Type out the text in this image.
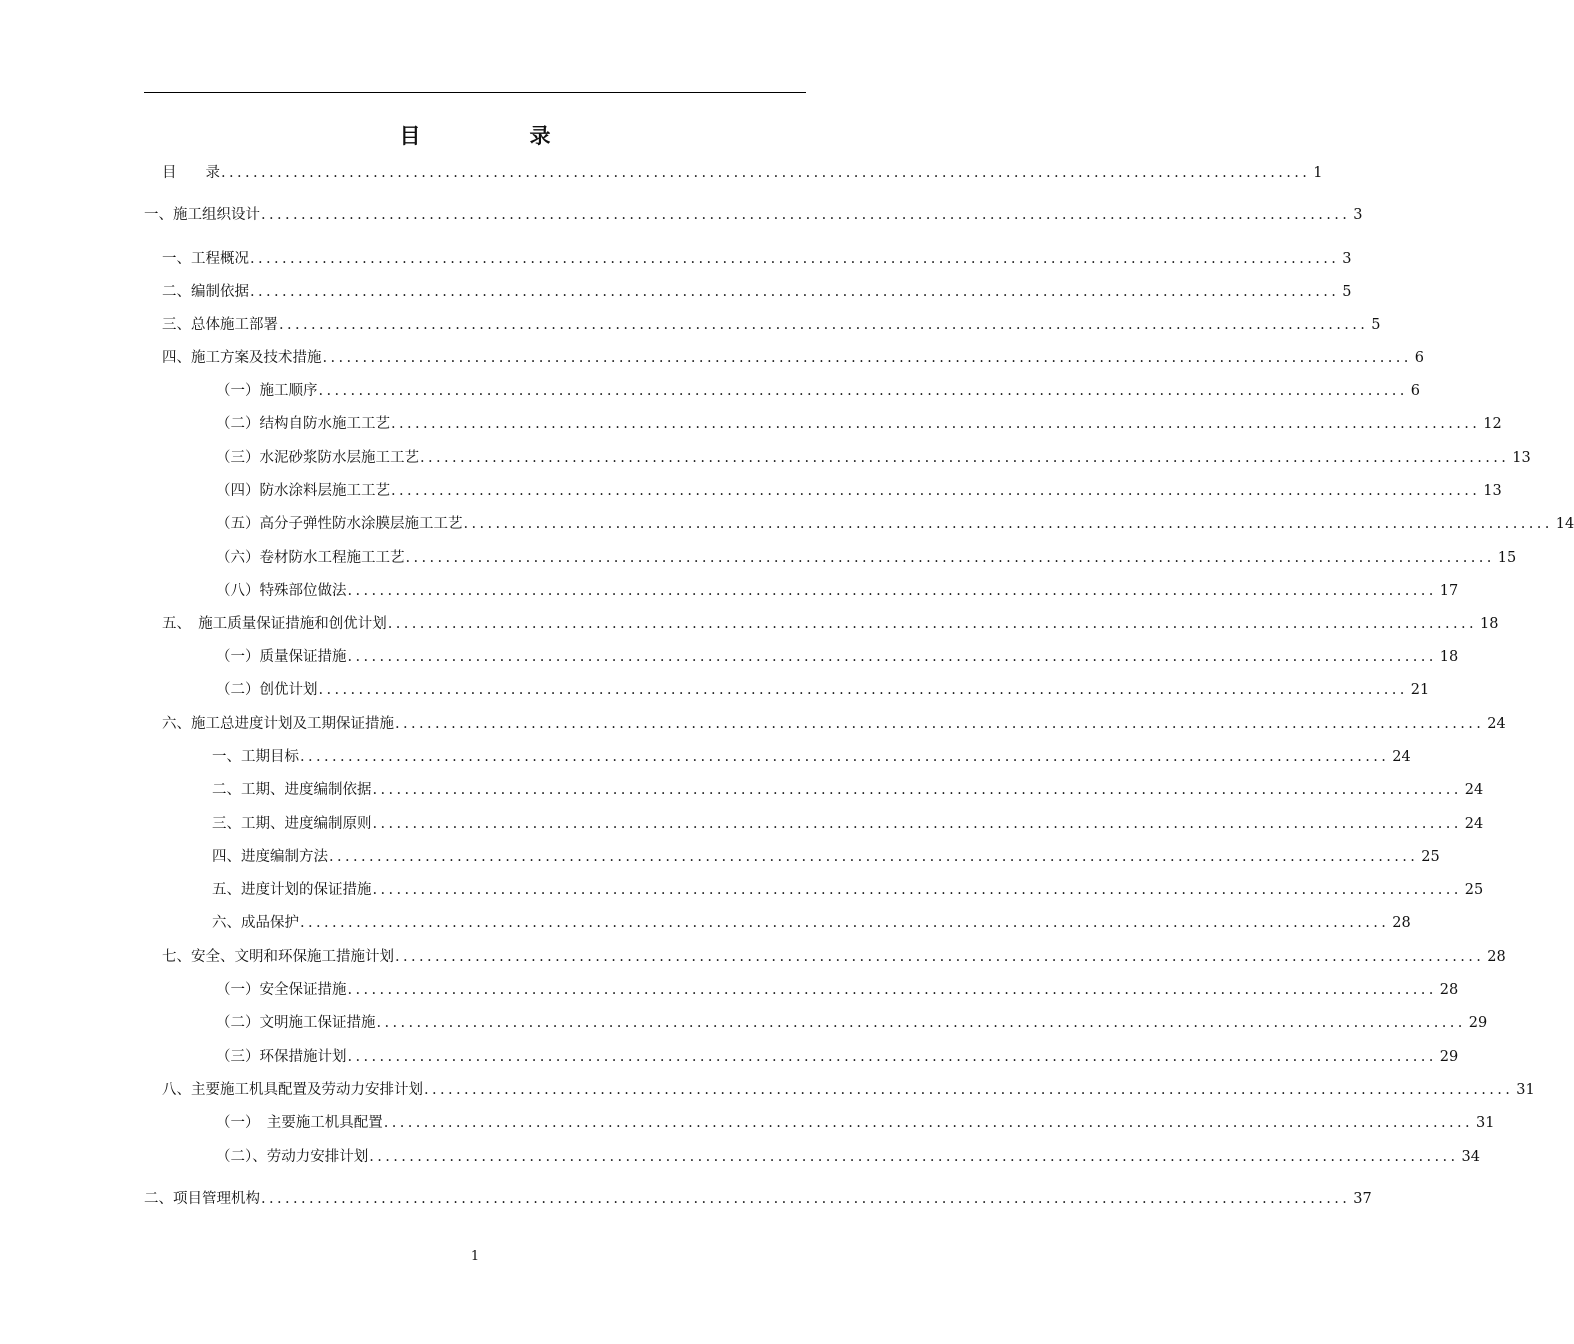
目　录
目　　录 ........................................................................................................................................ 1
一、施工组织设计 ........................................................................................................................................ 3
一、工程概况 ........................................................................................................................................ 3
二、编制依据 ........................................................................................................................................ 5
三、总体施工部署 ........................................................................................................................................ 5
四、施工方案及技术措施 ........................................................................................................................................ 6
（一）施工顺序 ........................................................................................................................................ 6
（二）结构自防水施工工艺 ........................................................................................................................................ 12
（三）水泥砂浆防水层施工工艺 ........................................................................................................................................ 13
（四）防水涂料层施工工艺 ........................................................................................................................................ 13
（五）高分子弹性防水涂膜层施工工艺 ........................................................................................................................................ 14
（六）卷材防水工程施工工艺 ........................................................................................................................................ 15
（八）特殊部位做法 ........................................................................................................................................ 17
五、　施工质量保证措施和创优计划 ........................................................................................................................................ 18
（一）质量保证措施 ........................................................................................................................................ 18
（二）创优计划 ........................................................................................................................................ 21
六、施工总进度计划及工期保证措施 ........................................................................................................................................ 24
一、工期目标 ........................................................................................................................................ 24
二、工期、进度编制依据 ........................................................................................................................................ 24
三、工期、进度编制原则 ........................................................................................................................................ 24
四、进度编制方法 ........................................................................................................................................ 25
五、进度计划的保证措施 ........................................................................................................................................ 25
六、成品保护 ........................................................................................................................................ 28
七、安全、文明和环保施工措施计划 ........................................................................................................................................ 28
（一）安全保证措施 ........................................................................................................................................ 28
（二）文明施工保证措施 ........................................................................................................................................ 29
（三）环保措施计划 ........................................................................................................................................ 29
八、主要施工机具配置及劳动力安排计划 ........................................................................................................................................ 31
（一）　主要施工机具配置 ........................................................................................................................................ 31
（二）、劳动力安排计划 ........................................................................................................................................ 34
二、项目管理机构 ........................................................................................................................................ 37
1
